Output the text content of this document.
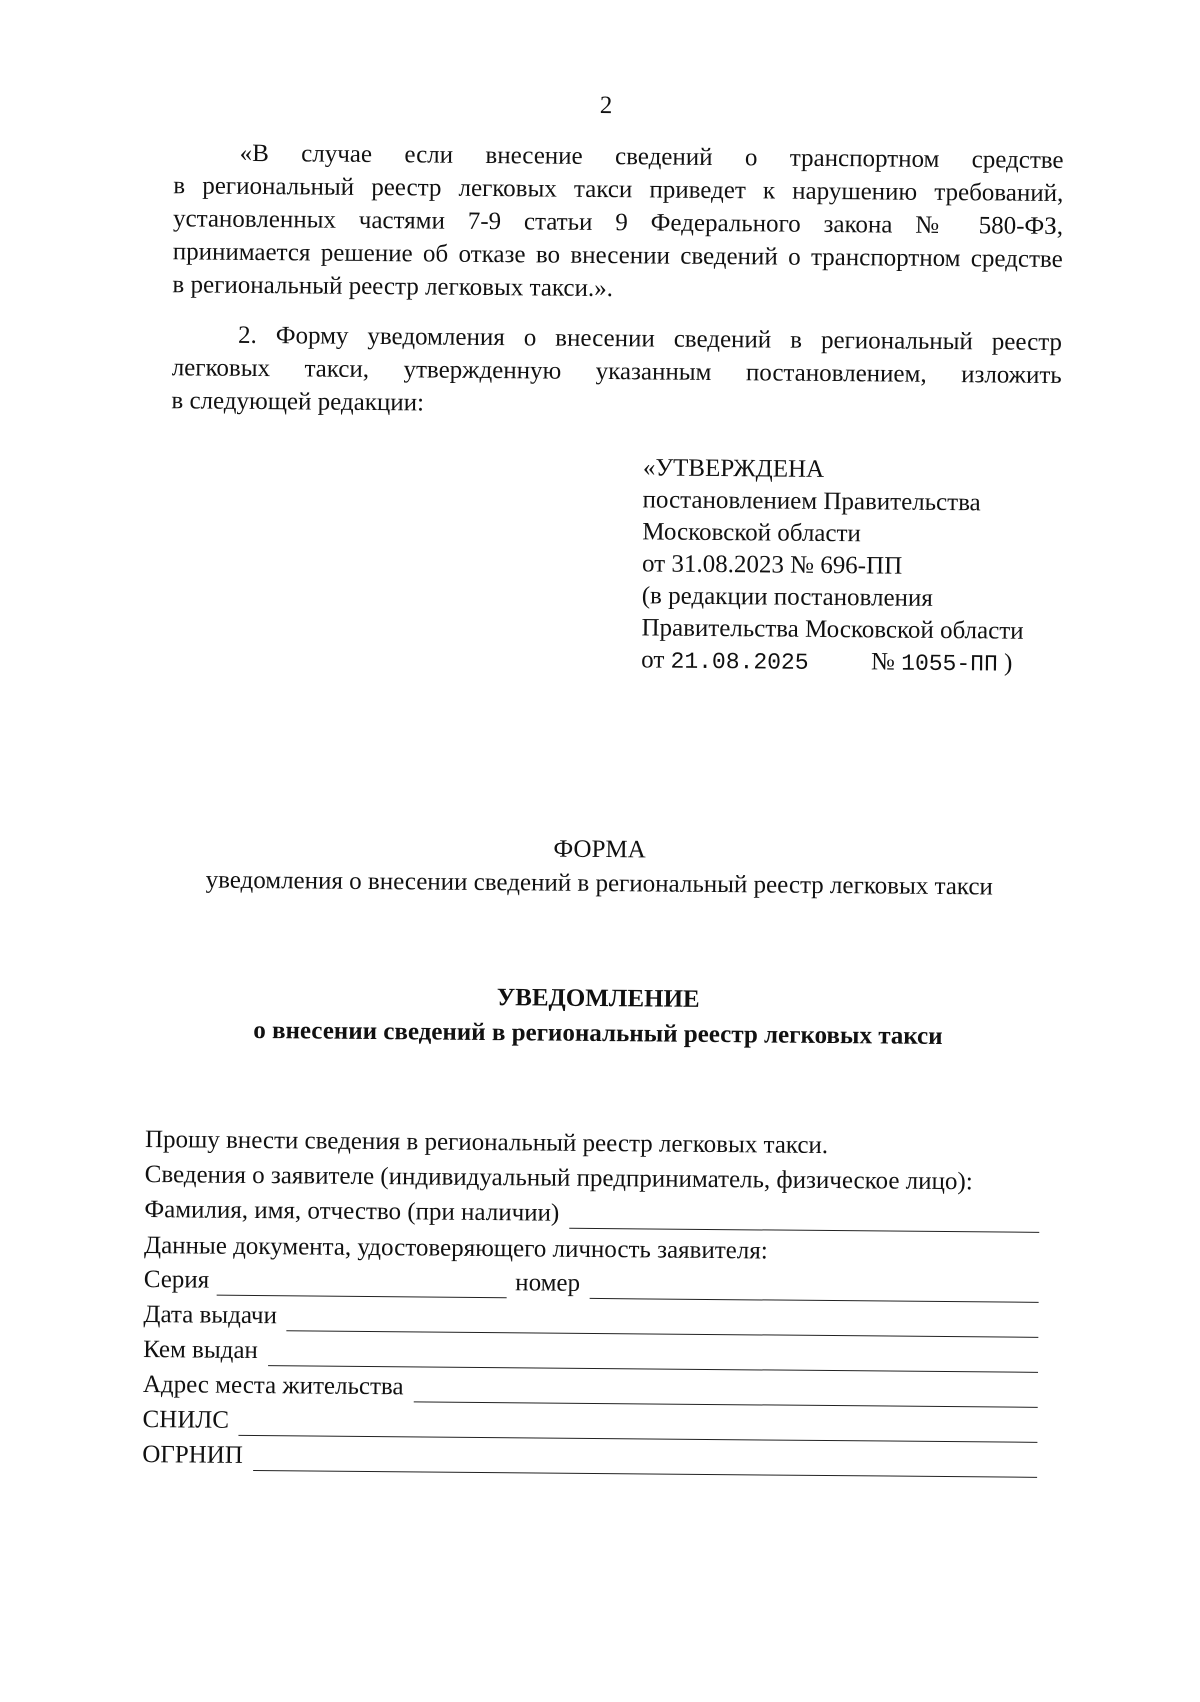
2
«В случае если внесение сведений о транспортном средстве
в региональный реестр легковых такси приведет к нарушению требований,
установленных частями 7-9 статьи 9 Федерального закона № 580-ФЗ,
принимается решение об отказе во внесении сведений о транспортном средстве
в региональный реестр легковых такси.».
2. Форму уведомления о внесении сведений в региональный реестр
легковых такси, утвержденную указанным постановлением, изложить
в следующей редакции:
«УТВЕРЖДЕНА
постановлением Правительства
Московской области
от 31.08.2023 № 696-ПП
(в редакции постановления
Правительства Московской области
от 21.08.2025 № 1055-ПП )
ФОРМА
уведомления о внесении сведений в региональный реестр легковых такси
УВЕДОМЛЕНИЕ
о внесении сведений в региональный реестр легковых такси
Прошу внести сведения в региональный реестр легковых такси.
Сведения о заявителе (индивидуальный предприниматель, физическое лицо):
Фамилия, имя, отчество (при наличии)
Данные документа, удостоверяющего личность заявителя:
Серия	номер
Дата выдачи
Кем выдан
Адрес места жительства
СНИЛС
ОГРНИП
